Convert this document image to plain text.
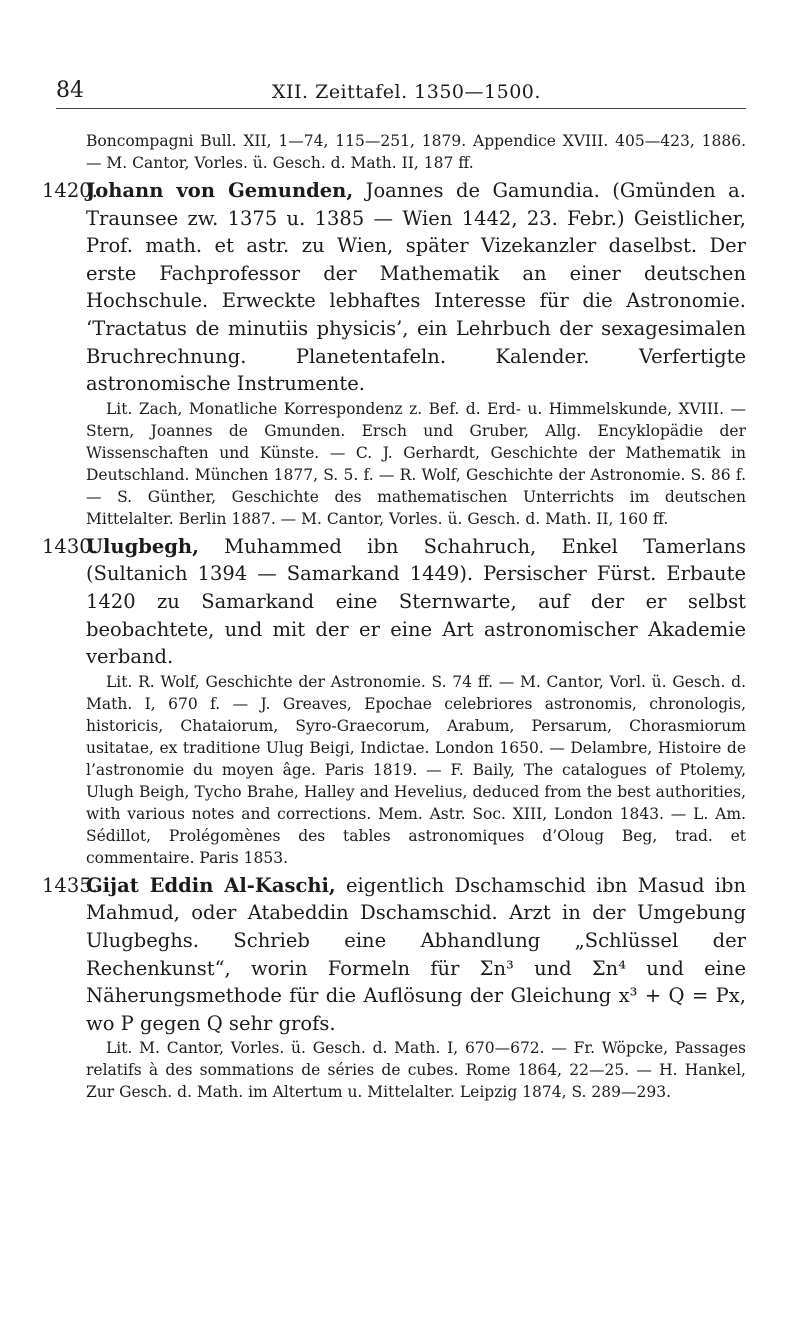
84	XII. Zeittafel. 1350—1500.

Boncompagni Bull. XII, 1—74, 115—251, 1879. Appendice XVIII. 405—423, 1886. — M. Cantor, Vorles. ü. Gesch. d. Math. II, 187 ff.

1420.

Johann von Gemunden, Joannes de Gamundia. (Gmünden a. Traunsee zw. 1375 u. 1385 — Wien 1442, 23. Febr.) Geistlicher, Prof. math. et astr. zu Wien, später Vizekanzler daselbst. Der erste Fachprofessor der Mathematik an einer deutschen Hochschule. Erweckte lebhaftes Interesse für die Astronomie. ‘Tractatus de minutiis physicis’, ein Lehrbuch der sexagesimalen Bruchrechnung. Planetentafeln. Kalender. Verfertigte astronomische Instrumente.

Lit. Zach, Monatliche Korrespondenz z. Bef. d. Erd- u. Himmelskunde, XVIII. — Stern, Joannes de Gmunden. Ersch und Gruber, Allg. Encyklopädie der Wissenschaften und Künste. — C. J. Gerhardt, Geschichte der Mathematik in Deutschland. München 1877, S. 5. f. — R. Wolf, Geschichte der Astronomie. S. 86 f. — S. Günther, Geschichte des mathematischen Unterrichts im deutschen Mittelalter. Berlin 1887. — M. Cantor, Vorles. ü. Gesch. d. Math. II, 160 ff.

1430.

Ulugbegh, Muhammed ibn Schahruch, Enkel Tamerlans (Sultanich 1394 — Samarkand 1449). Persischer Fürst. Erbaute 1420 zu Samarkand eine Sternwarte, auf der er selbst beobachtete, und mit der er eine Art astronomischer Akademie verband.

Lit. R. Wolf, Geschichte der Astronomie. S. 74 ff. — M. Cantor, Vorl. ü. Gesch. d. Math. I, 670 f. — J. Greaves, Epochae celebriores astronomis, chronologis, historicis, Chataiorum, Syro-Graecorum, Arabum, Persarum, Chorasmiorum usitatae, ex traditione Ulug Beigi, Indictae. London 1650. — Delambre, Histoire de l’astronomie du moyen âge. Paris 1819. — F. Baily, The catalogues of Ptolemy, Ulugh Beigh, Tycho Brahe, Halley and Hevelius, deduced from the best authorities, with various notes and corrections. Mem. Astr. Soc. XIII, London 1843. — L. Am. Sédillot, Prolégomènes des tables astronomiques d’Oloug Beg, trad. et commentaire. Paris 1853.

1435.

Gijat Eddin Al-Kaschi, eigentlich Dschamschid ibn Masud ibn Mahmud, oder Atabeddin Dschamschid. Arzt in der Umgebung Ulugbeghs. Schrieb eine Abhandlung „Schlüssel der Rechenkunst“, worin Formeln für Σn³ und Σn⁴ und eine Näherungsmethode für die Auflösung der Gleichung x³ + Q = Px, wo P gegen Q sehr grofs.

Lit. M. Cantor, Vorles. ü. Gesch. d. Math. I, 670—672. — Fr. Wöpcke, Passages relatifs à des sommations de séries de cubes. Rome 1864, 22—25. — H. Hankel, Zur Gesch. d. Math. im Altertum u. Mittelalter. Leipzig 1874, S. 289—293.
